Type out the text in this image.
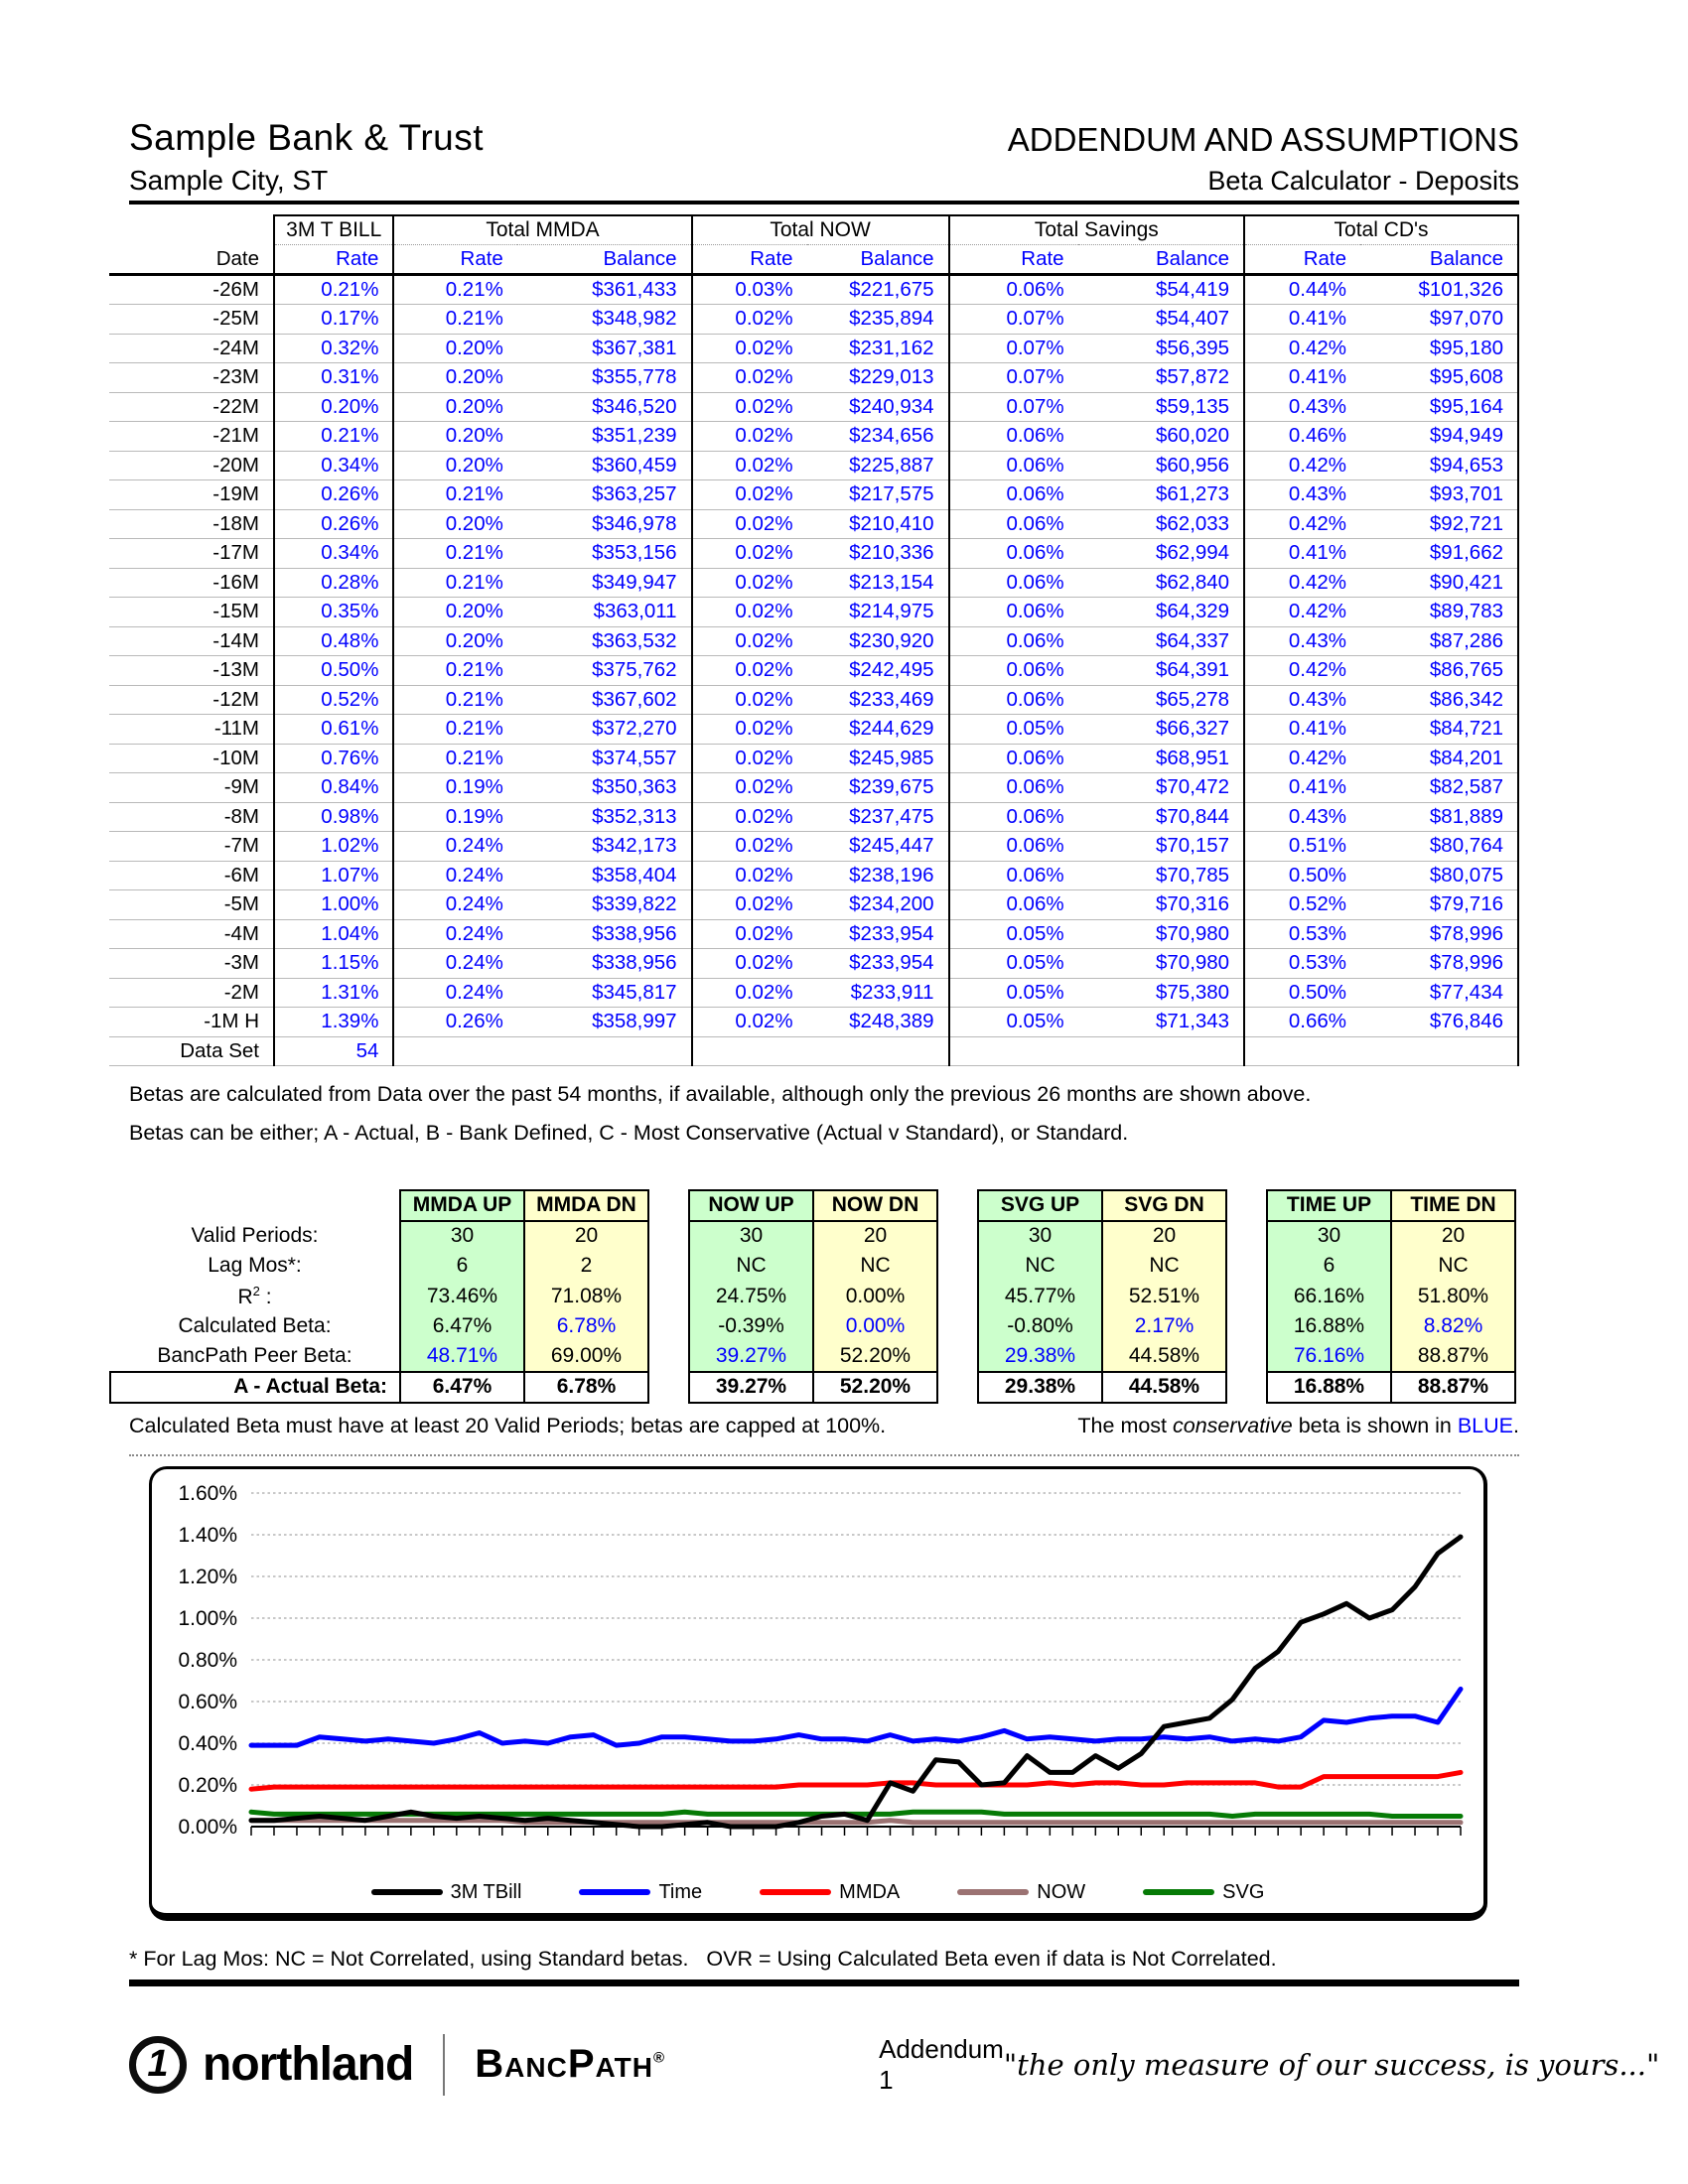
Sample Bank & Trust	ADDENDUM AND ASSUMPTIONS
Sample City, ST	Beta Calculator - Deposits
	3M T BILL	Total MMDA		Total NOW		Total Savings		Total CD's	
Date	Rate	Rate	Balance	Rate	Balance	Rate	Balance	Rate	Balance
-26M	0.21%	0.21%	$361,433	0.03%	$221,675	0.06%	$54,419	0.44%	$101,326
-25M	0.17%	0.21%	$348,982	0.02%	$235,894	0.07%	$54,407	0.41%	$97,070
-24M	0.32%	0.20%	$367,381	0.02%	$231,162	0.07%	$56,395	0.42%	$95,180
-23M	0.31%	0.20%	$355,778	0.02%	$229,013	0.07%	$57,872	0.41%	$95,608
-22M	0.20%	0.20%	$346,520	0.02%	$240,934	0.07%	$59,135	0.43%	$95,164
-21M	0.21%	0.20%	$351,239	0.02%	$234,656	0.06%	$60,020	0.46%	$94,949
-20M	0.34%	0.20%	$360,459	0.02%	$225,887	0.06%	$60,956	0.42%	$94,653
-19M	0.26%	0.21%	$363,257	0.02%	$217,575	0.06%	$61,273	0.43%	$93,701
-18M	0.26%	0.20%	$346,978	0.02%	$210,410	0.06%	$62,033	0.42%	$92,721
-17M	0.34%	0.21%	$353,156	0.02%	$210,336	0.06%	$62,994	0.41%	$91,662
-16M	0.28%	0.21%	$349,947	0.02%	$213,154	0.06%	$62,840	0.42%	$90,421
-15M	0.35%	0.20%	$363,011	0.02%	$214,975	0.06%	$64,329	0.42%	$89,783
-14M	0.48%	0.20%	$363,532	0.02%	$230,920	0.06%	$64,337	0.43%	$87,286
-13M	0.50%	0.21%	$375,762	0.02%	$242,495	0.06%	$64,391	0.42%	$86,765
-12M	0.52%	0.21%	$367,602	0.02%	$233,469	0.06%	$65,278	0.43%	$86,342
-11M	0.61%	0.21%	$372,270	0.02%	$244,629	0.05%	$66,327	0.41%	$84,721
-10M	0.76%	0.21%	$374,557	0.02%	$245,985	0.06%	$68,951	0.42%	$84,201
-9M	0.84%	0.19%	$350,363	0.02%	$239,675	0.06%	$70,472	0.41%	$82,587
-8M	0.98%	0.19%	$352,313	0.02%	$237,475	0.06%	$70,844	0.43%	$81,889
-7M	1.02%	0.24%	$342,173	0.02%	$245,447	0.06%	$70,157	0.51%	$80,764
-6M	1.07%	0.24%	$358,404	0.02%	$238,196	0.06%	$70,785	0.50%	$80,075
-5M	1.00%	0.24%	$339,822	0.02%	$234,200	0.06%	$70,316	0.52%	$79,716
-4M	1.04%	0.24%	$338,956	0.02%	$233,954	0.05%	$70,980	0.53%	$78,996
-3M	1.15%	0.24%	$338,956	0.02%	$233,954	0.05%	$70,980	0.53%	$78,996
-2M	1.31%	0.24%	$345,817	0.02%	$233,911	0.05%	$75,380	0.50%	$77,434
-1M H	1.39%	0.26%	$358,997	0.02%	$248,389	0.05%	$71,343	0.66%	$76,846
Data Set	54								
Betas are calculated from Data over the past 54 months, if available, although only the previous 26 months are shown above.
Betas can be either; A - Actual, B - Bank Defined, C - Most Conservative (Actual v Standard), or Standard.
	MMDA UP	MMDA DN		NOW UP	NOW DN		SVG UP	SVG DN		TIME UP	TIME DN
Valid Periods:	30	20		30	20		30	20		30	20
Lag Mos*:	6	2		NC	NC		NC	NC		6	NC
$R^2$ :	73.46%	71.08%		24.75%	0.00%		45.77%	52.51%		66.16%	51.80%
Calculated Beta:	6.47%	6.78%		-0.39%	0.00%		-0.80%	2.17%		16.88%	8.82%
BancPath Peer Beta:	48.71%	69.00%		39.27%	52.20%		29.38%	44.58%		76.16%	88.87%
A - Actual Beta:	6.47%	6.78%		39.27%	52.20%		29.38%	44.58%		16.88%	88.87%
Calculated Beta must have at least 20 Valid Periods; betas are capped at 100%.	The most conservative beta is shown in BLUE.
0.00%
0.20%
0.40%
0.60%
0.80%
1.00%
1.20%
1.40%
1.60%
3M TBill	Time	MMDA	NOW	SVG
* For Lag Mos: NC = Not Correlated, using Standard betas.   OVR = Using Calculated Beta even if data is Not Correlated.
1 northland BancPath®	Addendum 1	"the only measure of our success, is yours..."
